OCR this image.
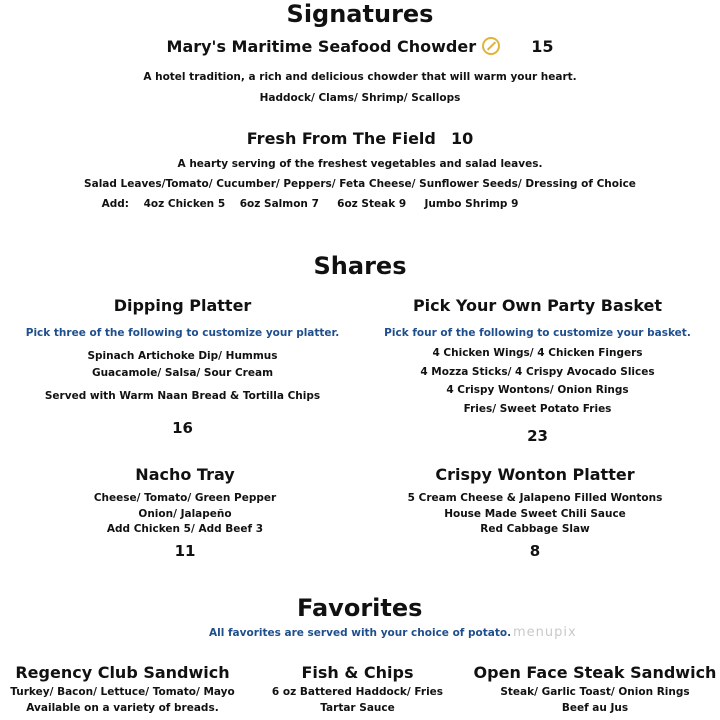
Signatures
Mary's Maritime Seafood Chowder	15
A hotel tradition, a rich and delicious chowder that will warm your heart.
Haddock/ Clams/ Shrimp/ Scallops
Fresh From The Field 10
A hearty serving of the freshest vegetables and salad leaves.
Salad Leaves/Tomato/ Cucumber/ Peppers/ Feta Cheese/ Sunflower Seeds/ Dressing of Choice
Add:    4oz Chicken 5    6oz Salmon 7     6oz Steak 9     Jumbo Shrimp 9
Shares
Dipping Platter
Pick three of the following to customize your platter.
Spinach Artichoke Dip/ Hummus
Guacamole/ Salsa/ Sour Cream
Served with Warm Naan Bread & Tortilla Chips
16
Pick Your Own Party Basket
Pick four of the following to customize your basket.
4 Chicken Wings/ 4 Chicken Fingers
4 Mozza Sticks/ 4 Crispy Avocado Slices
4 Crispy Wontons/ Onion Rings
Fries/ Sweet Potato Fries
23
Nacho Tray
Cheese/ Tomato/ Green Pepper
Onion/ Jalapeño
Add Chicken 5/ Add Beef 3
11
Crispy Wonton Platter
5 Cream Cheese & Jalapeno Filled Wontons
House Made Sweet Chili Sauce
Red Cabbage Slaw
8
Favorites
All favorites are served with your choice of potato. menupix
Regency Club Sandwich
Turkey/ Bacon/ Lettuce/ Tomato/ Mayo
Available on a variety of breads.
Fish & Chips
6 oz Battered Haddock/ Fries
Tartar Sauce
Open Face Steak Sandwich
Steak/ Garlic Toast/ Onion Rings
Beef au Jus
